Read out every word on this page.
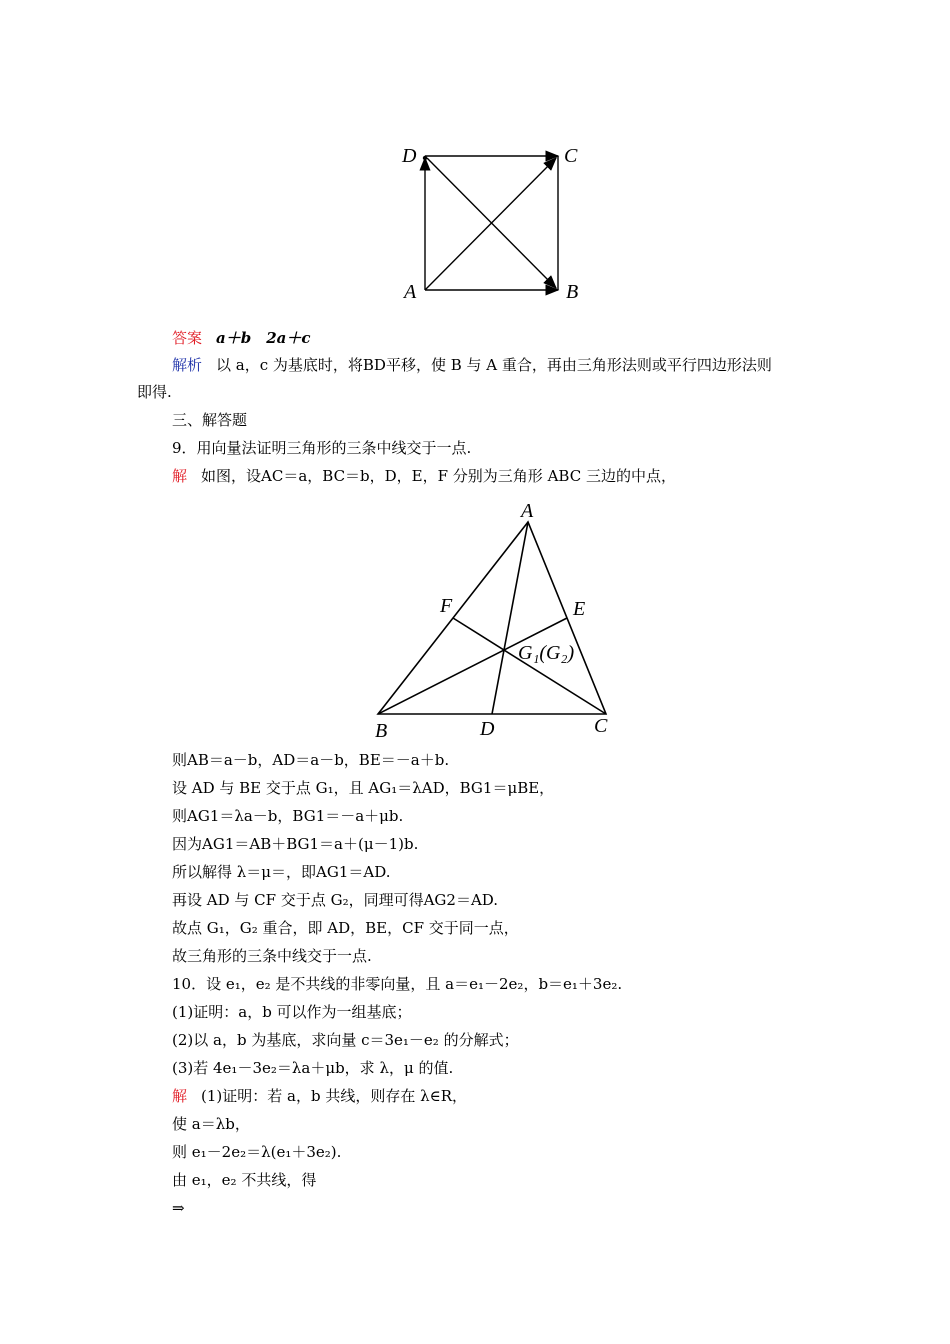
D	C
A	B
答案 a＋b　2a＋c
解析 以 a，c 为基底时，将BD平移，使 B 与 A 重合，再由三角形法则或平行四边形法则
即得.
三、解答题
9．用向量法证明三角形的三条中线交于一点.
解 如图，设AC＝a，BC＝b，D，E，F 分别为三角形 ABC 三边的中点，
A
B	C
D
E
F
G₁(G₂)
则AB＝a－b，AD＝a－b，BE＝－a＋b.
设 AD 与 BE 交于点 G₁，且 AG₁＝λAD，BG1＝μBE，
则AG1＝λa－b，BG1＝－a＋μb.
因为AG1＝AB＋BG1＝a＋(μ－1)b.
所以解得 λ＝μ＝，即AG1＝AD.
再设 AD 与 CF 交于点 G₂，同理可得AG2＝AD.
故点 G₁，G₂ 重合，即 AD，BE，CF 交于同一点，
故三角形的三条中线交于一点.
10．设 e₁，e₂ 是不共线的非零向量，且 a＝e₁－2e₂，b＝e₁＋3e₂.
(1)证明：a，b 可以作为一组基底；
(2)以 a，b 为基底，求向量 c＝3e₁－e₂ 的分解式；
(3)若 4e₁－3e₂＝λa＋μb，求 λ，μ 的值.
解 (1)证明：若 a，b 共线，则存在 λ∈R，
使 a＝λb，
则 e₁－2e₂＝λ(e₁＋3e₂).
由 e₁，e₂ 不共线，得
⇒
